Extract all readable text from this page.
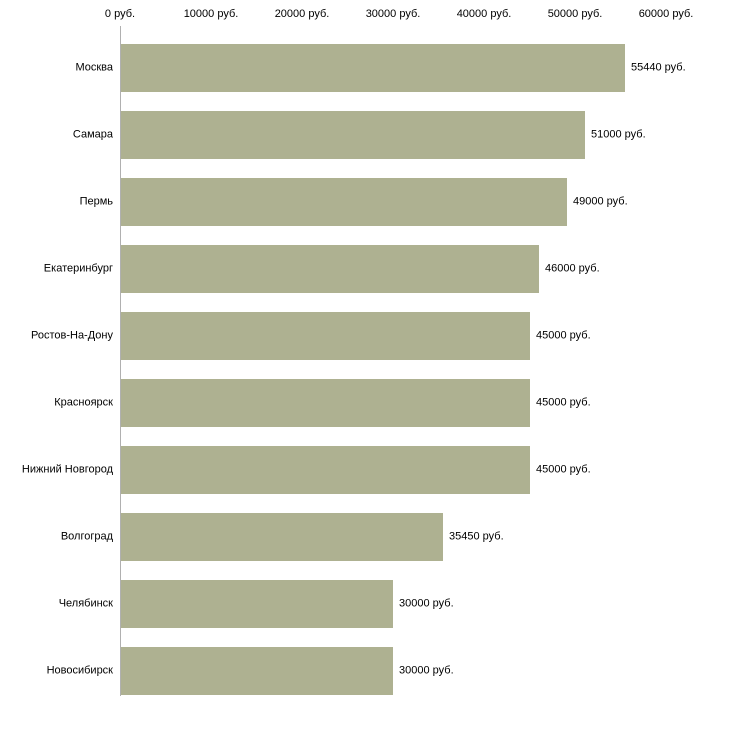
0 руб.	10000 руб.	20000 руб.	30000 руб.	40000 руб.	50000 руб.	60000 руб.
Москва	55440 руб.
Самара	51000 руб.
Пермь	49000 руб.
Екатеринбург	46000 руб.
Ростов-На-Дону	45000 руб.
Красноярск	45000 руб.
Нижний Новгород	45000 руб.
Волгоград	35450 руб.
Челябинск	30000 руб.
Новосибирск	30000 руб.
